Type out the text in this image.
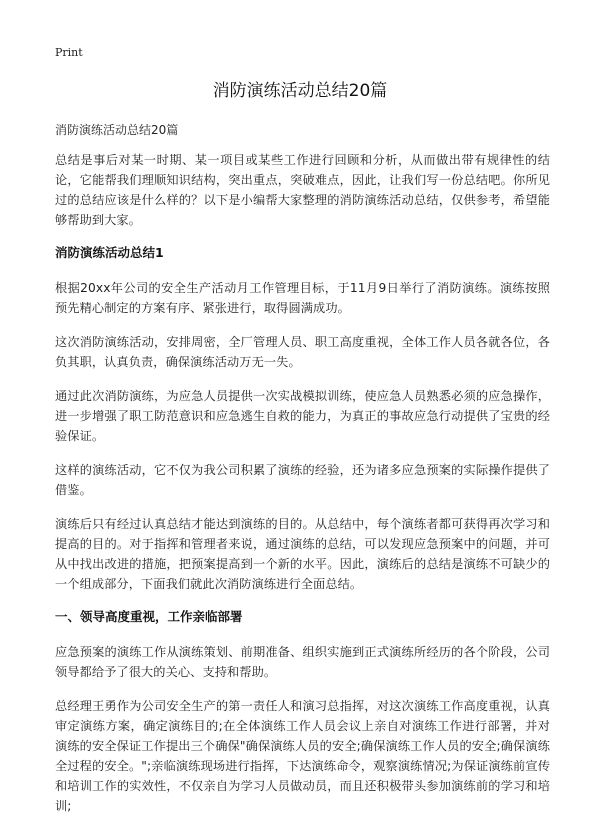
Print
消防演练活动总结20篇
消防演练活动总结20篇

总结是事后对某一时期、某一项目或某些工作进行回顾和分析，从而做出带有规律性的结论，它能帮我们理顺知识结构，突出重点，突破难点，因此，让我们写一份总结吧。你所见过的总结应该是什么样的？以下是小编帮大家整理的消防演练活动总结，仅供参考，希望能够帮助到大家。

消防演练活动总结1

根据20xx年公司的安全生产活动月工作管理目标，于11月9日举行了消防演练。演练按照预先精心制定的方案有序、紧张进行，取得圆满成功。

这次消防演练活动，安排周密，全厂管理人员、职工高度重视，全体工作人员各就各位，各负其职，认真负责，确保演练活动万无一失。

通过此次消防演练，为应急人员提供一次实战模拟训练，使应急人员熟悉必须的应急操作，进一步增强了职工防范意识和应急逃生自救的能力，为真正的事故应急行动提供了宝贵的经验保证。

这样的演练活动，它不仅为我公司积累了演练的经验，还为诸多应急预案的实际操作提供了借鉴。

演练后只有经过认真总结才能达到演练的目的。从总结中，每个演练者都可获得再次学习和提高的目的。对于指挥和管理者来说，通过演练的总结，可以发现应急预案中的问题，并可从中找出改进的措施，把预案提高到一个新的水平。因此，演练后的总结是演练不可缺少的一个组成部分，下面我们就此次消防演练进行全面总结。

一、领导高度重视，工作亲临部署

应急预案的演练工作从演练策划、前期准备、组织实施到正式演练所经历的各个阶段，公司领导都给予了很大的关心、支持和帮助。

总经理王勇作为公司安全生产的第一责任人和演习总指挥，对这次演练工作高度重视，认真审定演练方案，确定演练目的;在全体演练工作人员会议上亲自对演练工作进行部署，并对演练的安全保证工作提出三个确保"确保演练人员的安全;确保演练工作人员的安全;确保演练全过程的安全。";亲临演练现场进行指挥，下达演练命令，观察演练情况;为保证演练前宣传和培训工作的实效性，不仅亲自为学习人员做动员，而且还积极带头参加演练前的学习和培训;
